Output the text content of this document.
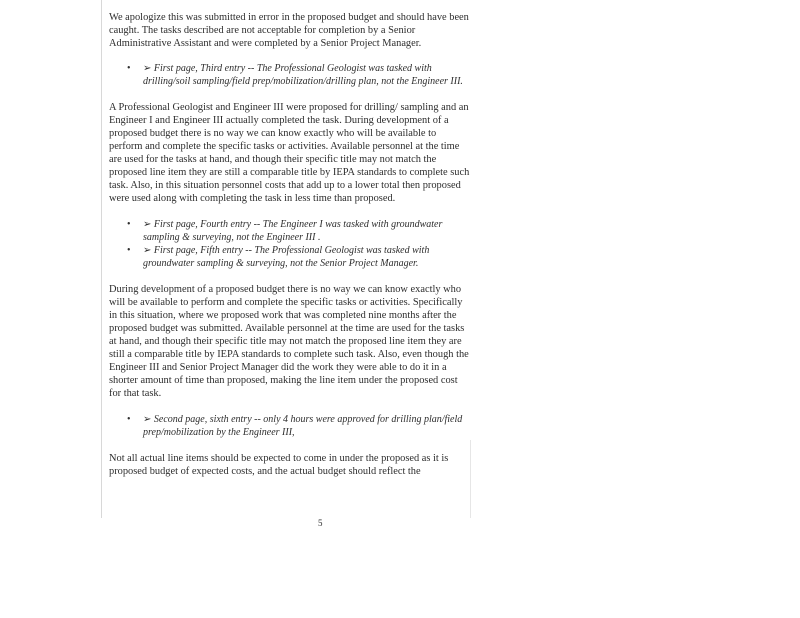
We apologize this was submitted in error in the proposed budget and should have been caught. The tasks described are not acceptable for completion by a Senior Administrative Assistant and were completed by a Senior Project Manager.

• ➢ First page, Third entry -- The Professional Geologist was tasked with drilling/soil sampling/field prep/mobilization/drilling plan, not the Engineer III.

A Professional Geologist and Engineer III were proposed for drilling/ sampling and an Engineer I and Engineer III actually completed the task. During development of a proposed budget there is no way we can know exactly who will be available to perform and complete the specific tasks or activities. Available personnel at the time are used for the tasks at hand, and though their specific title may not match the proposed line item they are still a comparable title by IEPA standards to complete such task. Also, in this situation personnel costs that add up to a lower total then proposed were used along with completing the task in less time than proposed.

• ➢ First page, Fourth entry -- The Engineer I was tasked with groundwater sampling & surveying, not the Engineer III .
• ➢ First page, Fifth entry -- The Professional Geologist was tasked with groundwater sampling & surveying, not the Senior Project Manager.

During development of a proposed budget there is no way we can know exactly who will be available to perform and complete the specific tasks or activities. Specifically in this situation, where we proposed work that was completed nine months after the proposed budget was submitted. Available personnel at the time are used for the tasks at hand, and though their specific title may not match the proposed line item they are still a comparable title by IEPA standards to complete such task. Also, even though the Engineer III and Senior Project Manager did the work they were able to do it in a shorter amount of time than proposed, making the line item under the proposed cost for that task.

• ➢ Second page, sixth entry -- only 4 hours were approved for drilling plan/field prep/mobilization by the Engineer III,

Not all actual line items should be expected to come in under the proposed as it is proposed budget of expected costs, and the actual budget should reflect the

5
